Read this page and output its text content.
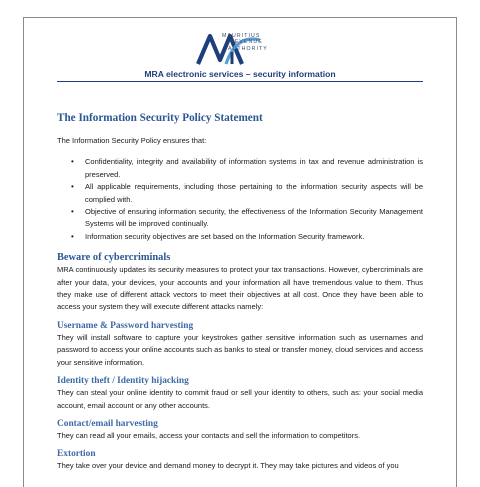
MAURITIUS
REVENUE
AUTHORITY
MRA electronic services – security information
The Information Security Policy Statement

The Information Security Policy ensures that:

• Confidentiality, integrity and availability of information systems in tax and revenue administration is preserved.
• All applicable requirements, including those pertaining to the information security aspects will be complied with.
• Objective of ensuring information security, the effectiveness of the Information Security Management Systems will be improved continually.
• Information security objectives are set based on the Information Security framework.
Beware of cybercriminals

MRA continuously updates its security measures to protect your tax transactions. However, cybercriminals are after your data, your devices, your accounts and your information all have tremendous value to them. Thus they make use of different attack vectors to meet their objectives at all cost. Once they have been able to access your system they will execute different attacks namely:

Username & Password harvesting

They will install software to capture your keystrokes gather sensitive information such as usernames and password to access your online accounts such as banks to steal or transfer money, cloud services and access your sensitive information.

Identity theft / Identity hijacking

They can steal your online identity to commit fraud or sell your identity to others, such as: your social media account, email account or any other accounts.

Contact/email harvesting

They can read all your emails, access your contacts and sell the information to competitors.

Extortion

They take over your device and demand money to decrypt it. They may take pictures and videos of you
